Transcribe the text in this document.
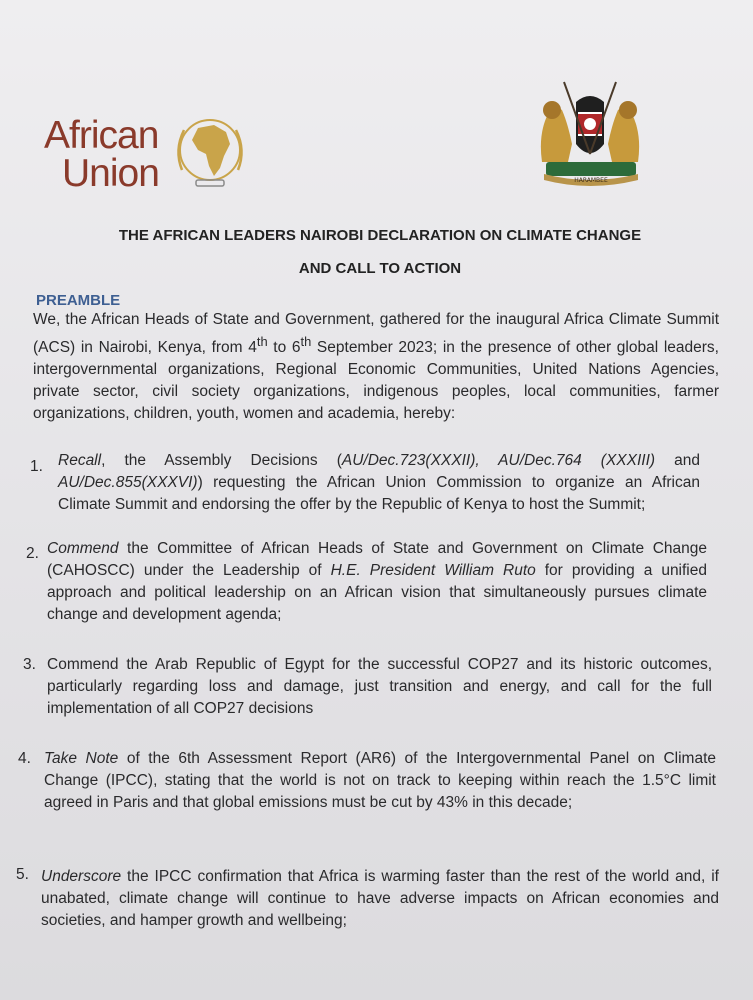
African
Union	HARAMBEE
THE AFRICAN LEADERS NAIROBI DECLARATION ON CLIMATE CHANGE
AND CALL TO ACTION
PREAMBLE
We, the African Heads of State and Government, gathered for the inaugural Africa Climate Summit (ACS) in Nairobi, Kenya, from 4th to 6th September 2023; in the presence of other global leaders, intergovernmental organizations, Regional Economic Communities, United Nations Agencies, private sector, civil society organizations, indigenous peoples, local communities, farmer organizations, children, youth, women and academia, hereby:
1. Recall, the Assembly Decisions (AU/Dec.723(XXXII), AU/Dec.764 (XXXIII) and AU/Dec.855(XXXVI)) requesting the African Union Commission to organize an African Climate Summit and endorsing the offer by the Republic of Kenya to host the Summit;
2. Commend the Committee of African Heads of State and Government on Climate Change (CAHOSCC) under the Leadership of H.E. President William Ruto for providing a unified approach and political leadership on an African vision that simultaneously pursues climate change and development agenda;
3. Commend the Arab Republic of Egypt for the successful COP27 and its historic outcomes, particularly regarding loss and damage, just transition and energy, and call for the full implementation of all COP27 decisions
4. Take Note of the 6th Assessment Report (AR6) of the Intergovernmental Panel on Climate Change (IPCC), stating that the world is not on track to keeping within reach the 1.5°C limit agreed in Paris and that global emissions must be cut by 43% in this decade;
5. Underscore the IPCC confirmation that Africa is warming faster than the rest of the world and, if unabated, climate change will continue to have adverse impacts on African economies and societies, and hamper growth and wellbeing;
